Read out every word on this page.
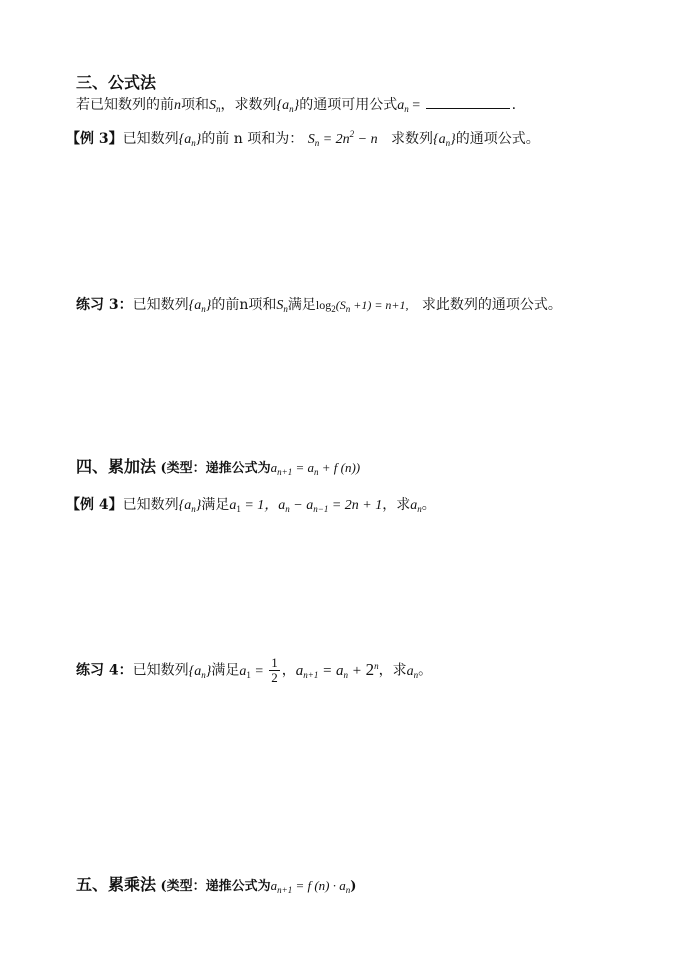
三、公式法
若已知数列的前n项和$S_n$，求数列$\{a_n\}$的通项可用公式$a_n$ =	.
【例 3】已知数列$\{a_n\}$的前 n 项和为： $S_n = 2n^2 - n$ 求数列$\{a_n\}$的通项公式。
练习 3：已知数列$\{a_n\}$的前n项和$S_n$满足$\log_2(S_n +1) = n+1$, 求此数列的通项公式。
四、累加法 (类型：递推公式为$a_{n+1} = a_n + f$ (n))
【例 4】已知数列$\{a_n\}$满足$a_1 = 1$，$a_n - a_{n-1} = 2n + 1$，求$a_n$。
练习 4：已知数列$\{a_n\}$满足$a_1 = \frac{1}{2}$ ，$a_{n+1} = a_n + 2^n$，求$a_n$。
五、累乘法 (类型：递推公式为$a_{n+1} = f$ $(n) \cdot a_n$)
